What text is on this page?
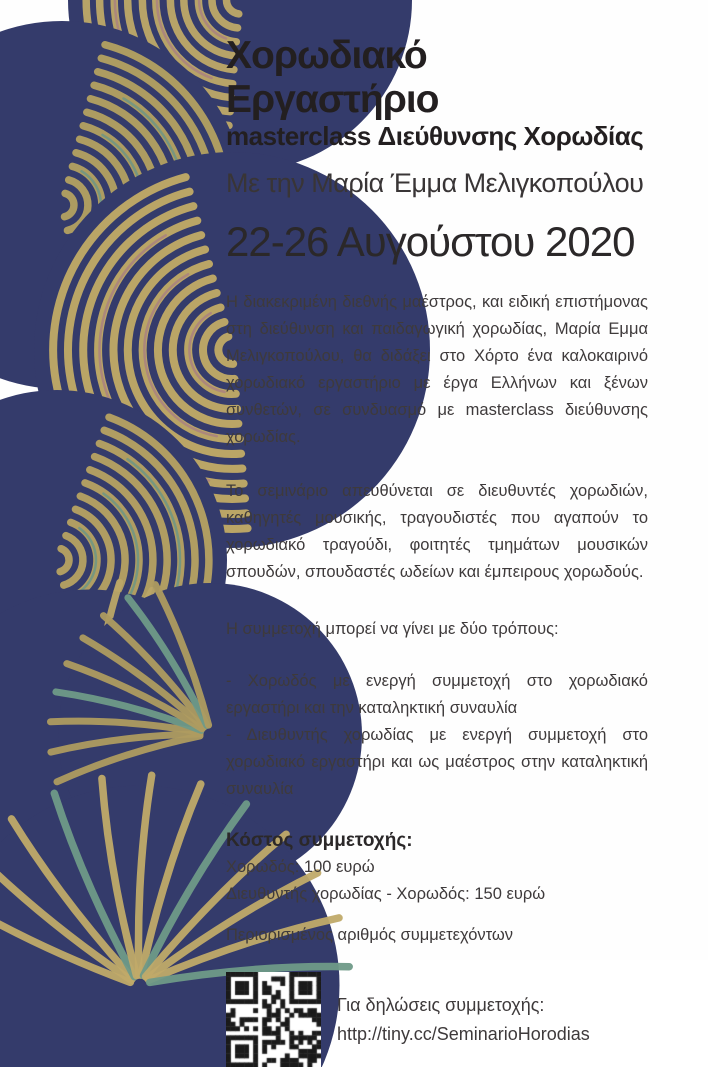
Χορωδιακό Εργαστήριο
masterclass Διεύθυνσης Χορωδίας
Με την Μαρία Έμμα Μελιγκοπούλου
22-26 Αυγούστου 2020

Η διακεκριμένη διεθνής μαέστρος, και ειδική επιστήμονας στη διεύθυνση και παιδαγωγική χορωδίας, Μαρία Εμμα Μελιγκοπούλου, θα διδάξει στο Χόρτο ένα καλοκαιρινό χορωδιακό εργαστήριο με έργα Ελλήνων και ξένων συνθετών, σε συνδυασμό με masterclass διεύθυνσης χορωδίας.

Το σεμινάριο απευθύνεται σε διευθυντές χορωδιών, καθηγητές μουσικής, τραγουδιστές που αγαπούν το χορωδιακό τραγούδι, φοιτητές τμημάτων μουσικών σπουδών, σπουδαστές ωδείων και έμπειρους χορωδούς.

Η συμμετοχή μπορεί να γίνει με δύο τρόπους:

- Χορωδός με ενεργή συμμετοχή στο χορωδιακό εργαστήρι και την καταληκτική συναυλία

- Διευθυντής χορωδίας με ενεργή συμμετοχή στο χορωδιακό εργαστήρι και ως μαέστρος στην καταληκτική συναυλία

Κόστος συμμετοχής:

Χορωδός: 100 ευρώ

Διευθυντής χορωδίας - Χορωδός: 150 ευρώ

Περιορισμένος αριθμός συμμετεχόντων

Για δηλώσεις συμμετοχής:
http://tiny.cc/SeminarioHorodias
